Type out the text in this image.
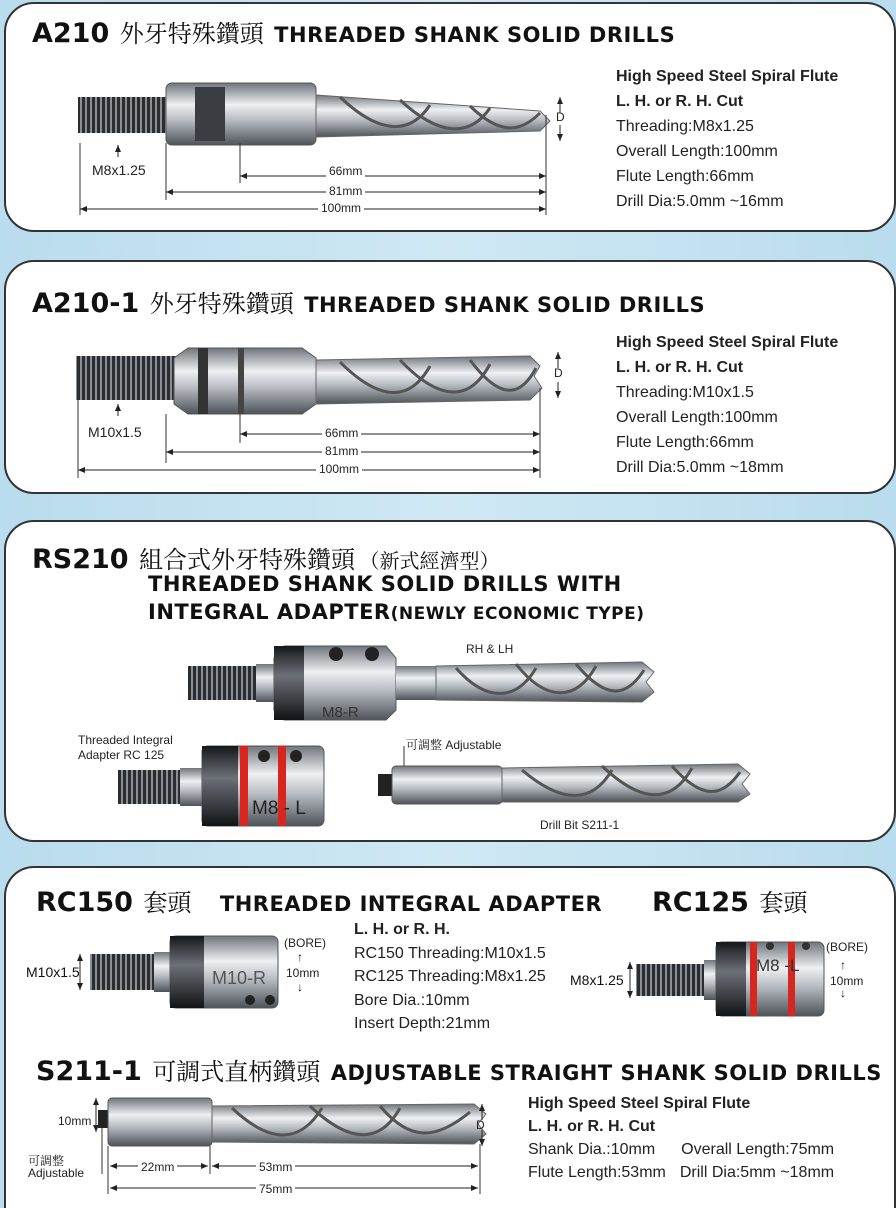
A210 外牙特殊鑽頭 THREADED SHANK SOLID DRILLS
M8x1.25	66mm
81mm
100mm
D
High Speed Steel Spiral Flute
L. H. or R. H. Cut
Threading:M8x1.25
Overall Length:100mm
Flute Length:66mm
Drill Dia:5.0mm ~16mm
A210-1 外牙特殊鑽頭 THREADED SHANK SOLID DRILLS
M10x1.5	66mm
81mm
100mm
D
High Speed Steel Spiral Flute
L. H. or R. H. Cut
Threading:M10x1.5
Overall Length:100mm
Flute Length:66mm
Drill Dia:5.0mm ~18mm
RS210 組合式外牙特殊鑽頭 （新式經濟型）
THREADED SHANK SOLID DRILLS WITH
INTEGRAL ADAPTER(NEWLY ECONOMIC TYPE)
RH & LH
M8-R
Threaded Integral
Adapter RC 125
M8 - L
可調整 Adjustable
Drill Bit S211-1
RC150 套頭 THREADED INTEGRAL ADAPTER RC125 套頭
M10x1.5	M10-R
(BORE)
10mm
↑
↓
L. H. or R. H.
RC150 Threading:M10x1.5
RC125 Threading:M8x1.25
Bore Dia.:10mm
Insert Depth:21mm
M8x1.25
M8 -L
(BORE)
10mm
↑
↓
S211-1 可調式直柄鑽頭 ADJUSTABLE STRAIGHT SHANK SOLID DRILLS
10mm
可調整
Adjustable	22mm	53mm
75mm
D
High Speed Steel Spiral Flute
L. H. or R. H. Cut
Shank Dia.:10mm Overall Length:75mm
Flute Length:53mm Drill Dia:5mm ~18mm
